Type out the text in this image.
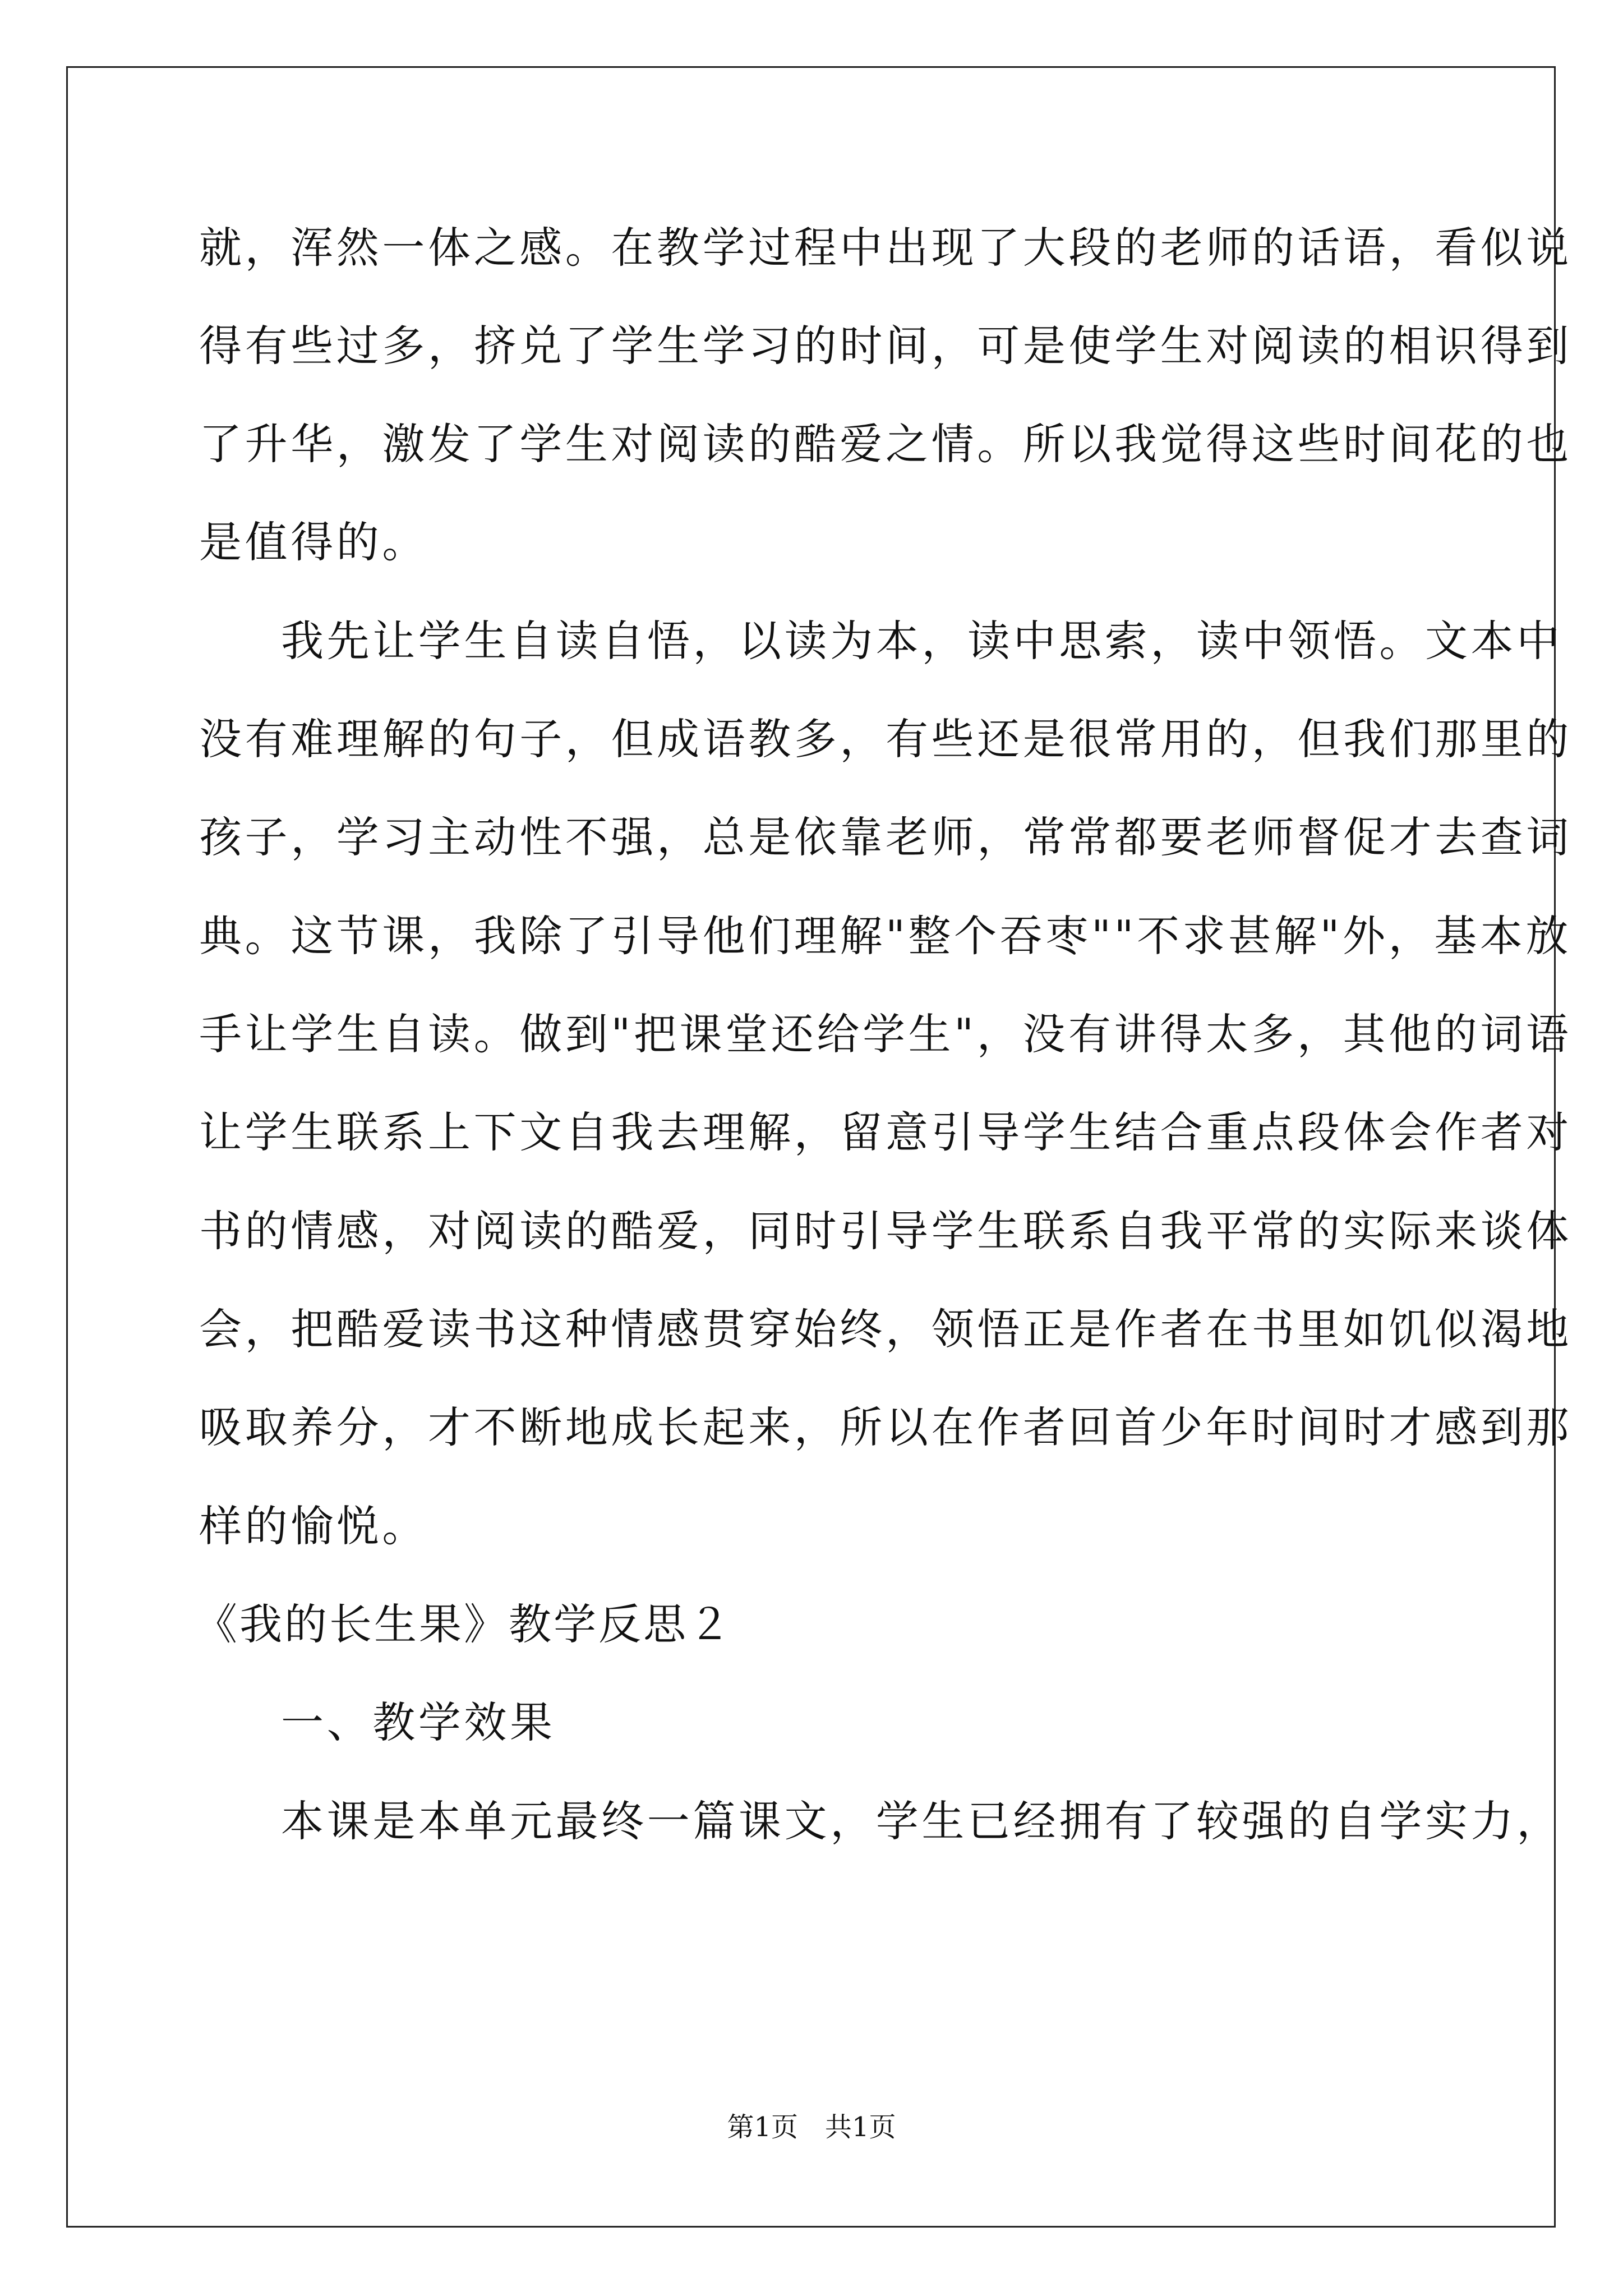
就，浑然一体之感。在教学过程中出现了大段的老师的话语，看似说
得有些过多，挤兑了学生学习的时间，可是使学生对阅读的相识得到
了升华，激发了学生对阅读的酷爱之情。所以我觉得这些时间花的也
是值得的。
我先让学生自读自悟，以读为本，读中思索，读中领悟。文本中
没有难理解的句子，但成语教多，有些还是很常用的，但我们那里的
孩子，学习主动性不强，总是依靠老师，常常都要老师督促才去查词
典。这节课，我除了引导他们理解"整个吞枣""不求甚解"外，基本放
手让学生自读。做到"把课堂还给学生"，没有讲得太多，其他的词语
让学生联系上下文自我去理解，留意引导学生结合重点段体会作者对
书的情感，对阅读的酷爱，同时引导学生联系自我平常的实际来谈体
会，把酷爱读书这种情感贯穿始终，领悟正是作者在书里如饥似渴地
吸取养分，才不断地成长起来，所以在作者回首少年时间时才感到那
样的愉悦。
《我的长生果》教学反思２
一、教学效果
本课是本单元最终一篇课文，学生已经拥有了较强的自学实力，
第1页　共1页
